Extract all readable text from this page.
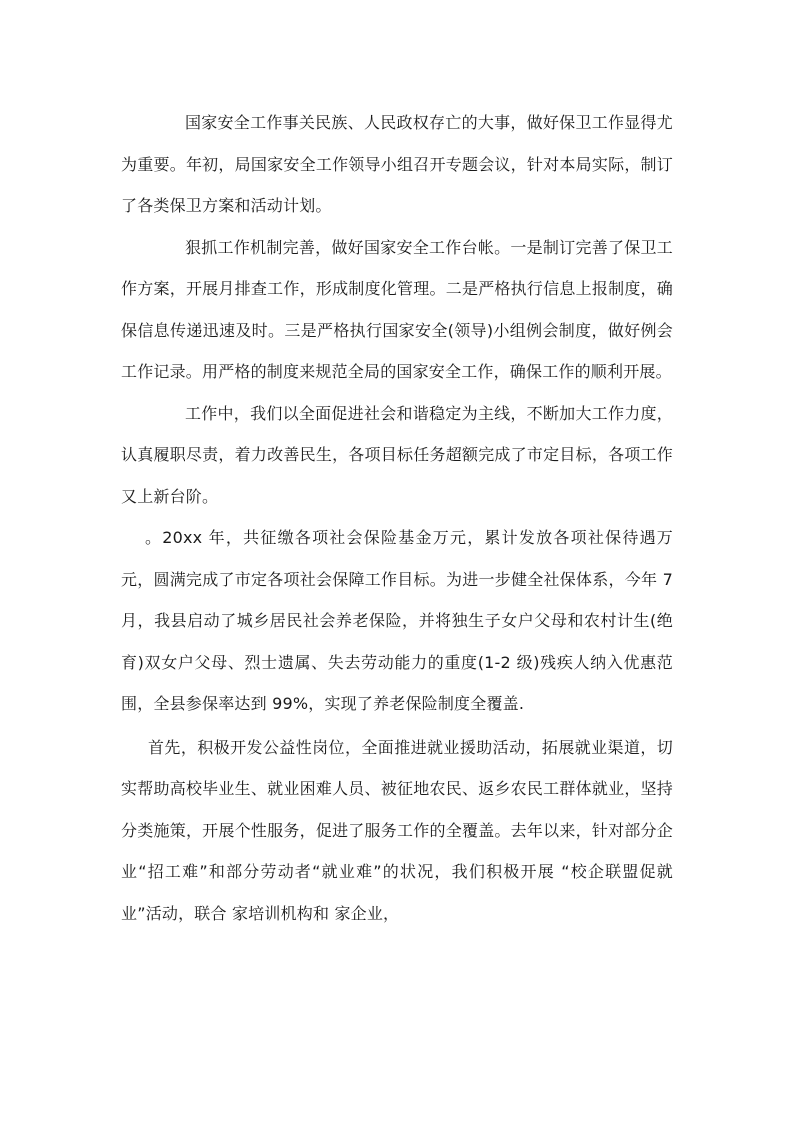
国家安全工作事关民族、人民政权存亡的大事，做好保卫工作显得尤为重要。年初，局国家安全工作领导小组召开专题会议，针对本局实际，制订了各类保卫方案和活动计划。

狠抓工作机制完善，做好国家安全工作台帐。一是制订完善了保卫工作方案，开展月排查工作，形成制度化管理。二是严格执行信息上报制度，确保信息传递迅速及时。三是严格执行国家安全(领导)小组例会制度，做好例会工作记录。用严格的制度来规范全局的国家安全工作，确保工作的顺利开展。

工作中，我们以全面促进社会和谐稳定为主线，不断加大工作力度，认真履职尽责，着力改善民生，各项目标任务超额完成了市定目标，各项工作又上新台阶。

。20xx 年，共征缴各项社会保险基金万元，累计发放各项社保待遇万元，圆满完成了市定各项社会保障工作目标。为进一步健全社保体系，今年 7 月，我县启动了城乡居民社会养老保险，并将独生子女户父母和农村计生(绝育)双女户父母、烈士遗属、失去劳动能力的重度(1-2 级)残疾人纳入优惠范围，全县参保率达到 99%，实现了养老保险制度全覆盖.

首先，积极开发公益性岗位，全面推进就业援助活动，拓展就业渠道，切实帮助高校毕业生、就业困难人员、被征地农民、返乡农民工群体就业，坚持分类施策，开展个性服务，促进了服务工作的全覆盖。去年以来，针对部分企业“招工难”和部分劳动者“就业难”的状况，我们积极开展 “校企联盟促就业”活动，联合 家培训机构和 家企业，
